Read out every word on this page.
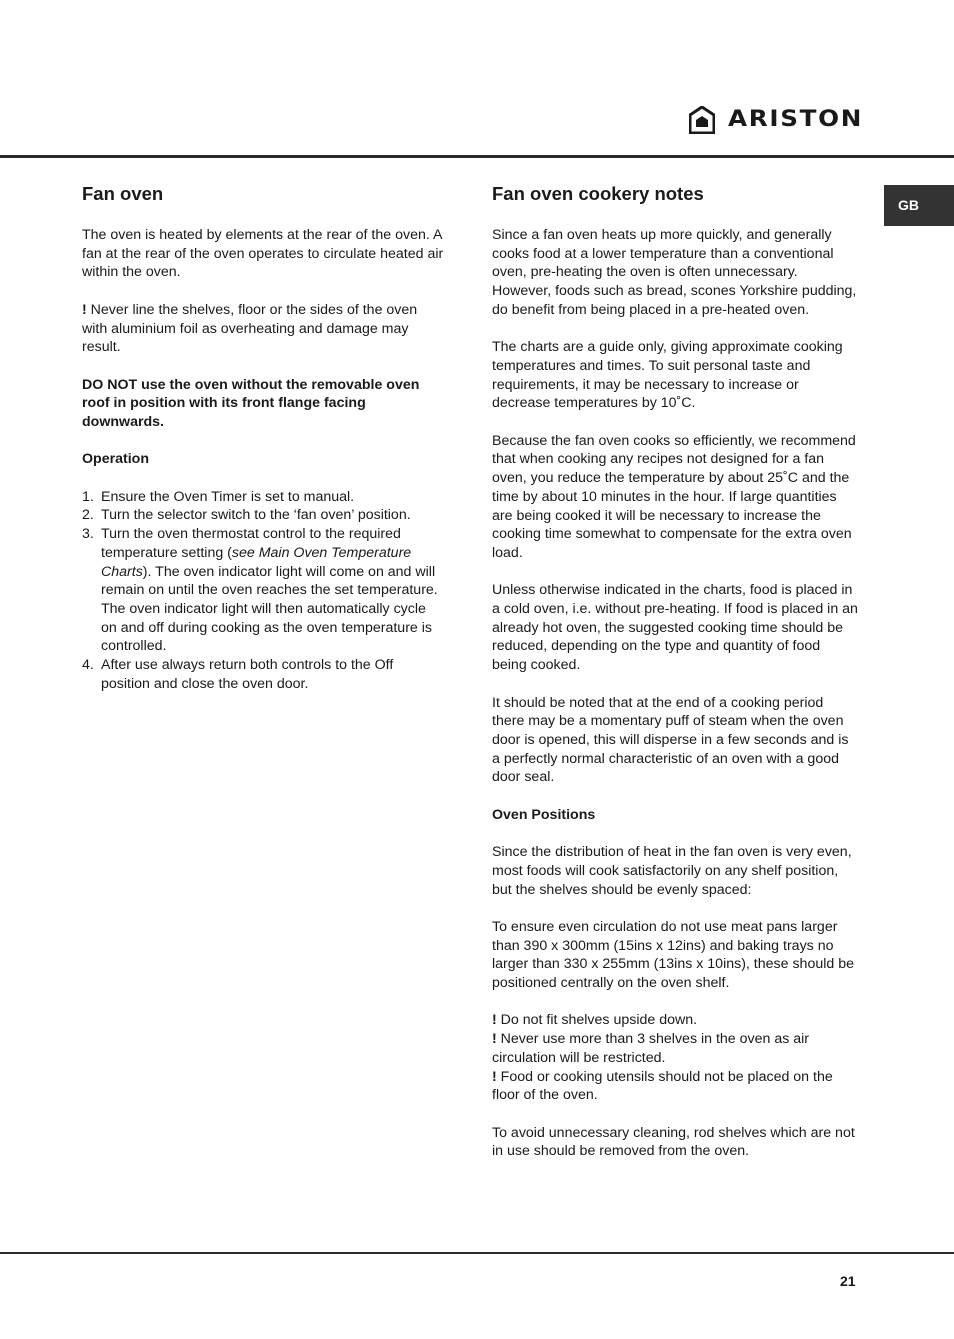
ARISTON
GB
Fan oven

The oven is heated by elements at the rear of the oven. A fan at the rear of the oven operates to circulate heated air within the oven.

! Never line the shelves, floor or the sides of the oven with aluminium foil as overheating and damage may result.

DO NOT use the oven without the removable oven roof in position with its front flange facing downwards.

Operation

1. Ensure the Oven Timer is set to manual.
2. Turn the selector switch to the ‘fan oven’ position.
3. Turn the oven thermostat control to the required temperature setting (see Main Oven Temperature Charts). The oven indicator light will come on and will remain on until the oven reaches the set temperature. The oven indicator light will then automatically cycle on and off during cooking as the oven temperature is controlled.
4. After use always return both controls to the Off position and close the oven door.
Fan oven cookery notes

Since a fan oven heats up more quickly, and generally cooks food at a lower temperature than a conventional oven, pre-heating the oven is often unnecessary. However, foods such as bread, scones Yorkshire pudding, do benefit from being placed in a pre-heated oven.

The charts are a guide only, giving approximate cooking temperatures and times. To suit personal taste and requirements, it may be necessary to increase or decrease temperatures by 10˚C.

Because the fan oven cooks so efficiently, we recommend that when cooking any recipes not designed for a fan oven, you reduce the temperature by about 25˚C and the time by about 10 minutes in the hour. If large quantities are being cooked it will be necessary to increase the cooking time somewhat to compensate for the extra oven load.

Unless otherwise indicated in the charts, food is placed in a cold oven, i.e. without pre-heating. If food is placed in an already hot oven, the suggested cooking time should be reduced, depending on the type and quantity of food being cooked.

It should be noted that at the end of a cooking period there may be a momentary puff of steam when the oven door is opened, this will disperse in a few seconds and is a perfectly normal characteristic of an oven with a good door seal.

Oven Positions

Since the distribution of heat in the fan oven is very even, most foods will cook satisfactorily on any shelf position, but the shelves should be evenly spaced:

To ensure even circulation do not use meat pans larger than 390 x 300mm (15ins x 12ins) and baking trays no larger than 330 x 255mm (13ins x 10ins), these should be positioned centrally on the oven shelf.

! Do not fit shelves upside down.

! Never use more than 3 shelves in the oven as air circulation will be restricted.

! Food or cooking utensils should not be placed on the floor of the oven.

To avoid unnecessary cleaning, rod shelves which are not in use should be removed from the oven.

21
